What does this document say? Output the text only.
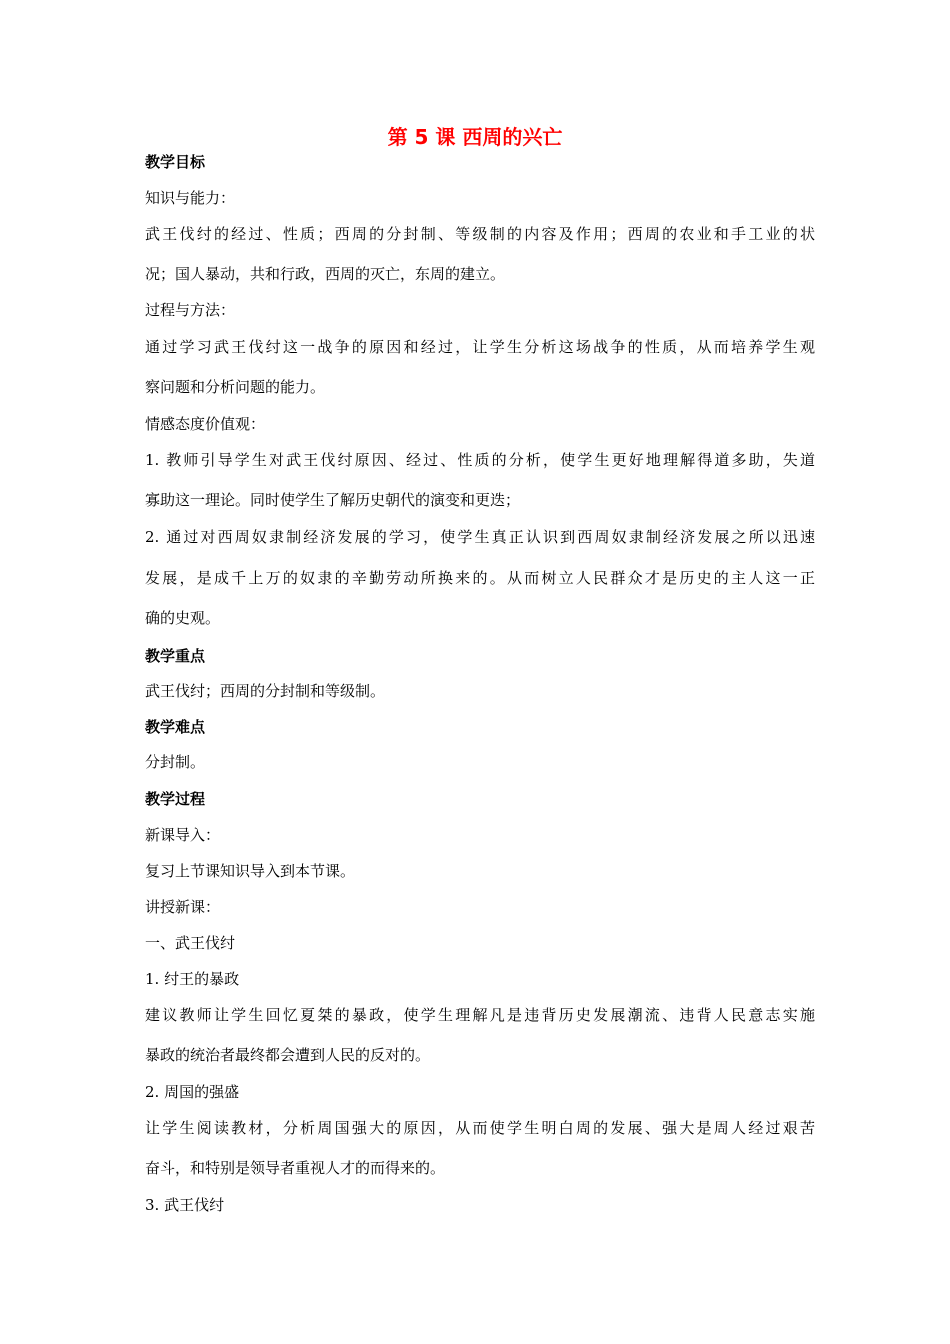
第 5 课 西周的兴亡

教学目标

知识与能力：

武王伐纣的经过、性质；西周的分封制、等级制的内容及作用；西周的农业和手工业的状

况；国人暴动，共和行政，西周的灭亡，东周的建立。

过程与方法：

通过学习武王伐纣这一战争的原因和经过，让学生分析这场战争的性质，从而培养学生观

察问题和分析问题的能力。

情感态度价值观：

1. 教师引导学生对武王伐纣原因、经过、性质的分析，使学生更好地理解得道多助，失道

寡助这一理论。同时使学生了解历史朝代的演变和更迭；

2. 通过对西周奴隶制经济发展的学习，使学生真正认识到西周奴隶制经济发展之所以迅速

发展，是成千上万的奴隶的辛勤劳动所换来的。从而树立人民群众才是历史的主人这一正

确的史观。

教学重点

武王伐纣；西周的分封制和等级制。

教学难点

分封制。

教学过程

新课导入：

复习上节课知识导入到本节课。

讲授新课：

一、武王伐纣

1. 纣王的暴政

建议教师让学生回忆夏桀的暴政，使学生理解凡是违背历史发展潮流、违背人民意志实施

暴政的统治者最终都会遭到人民的反对的。

2. 周国的强盛

让学生阅读教材，分析周国强大的原因，从而使学生明白周的发展、强大是周人经过艰苦

奋斗，和特别是领导者重视人才的而得来的。

3. 武王伐纣
